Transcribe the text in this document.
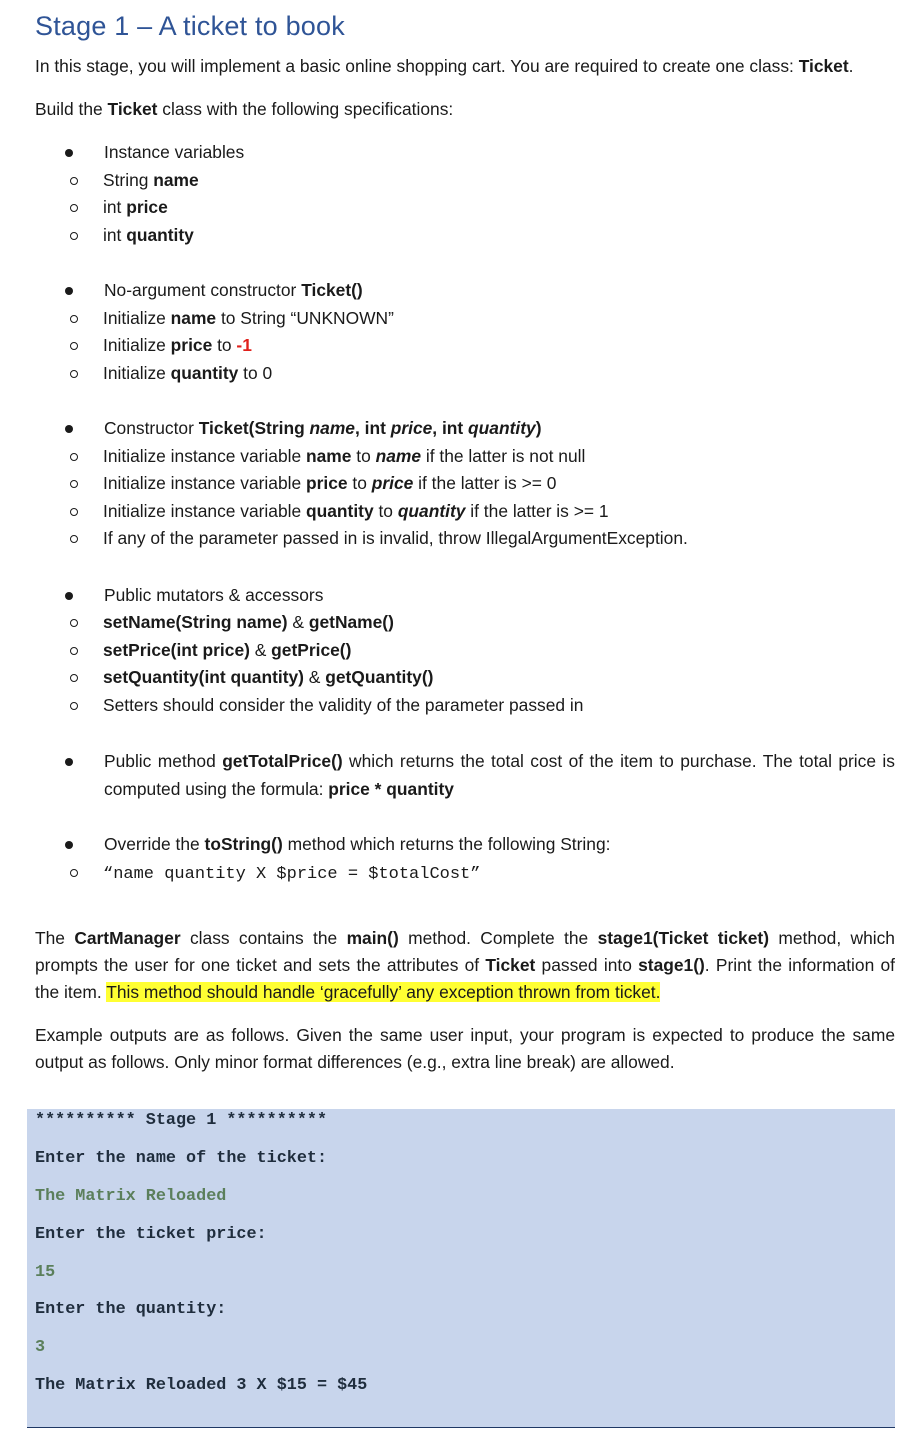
Stage 1 – A ticket to book

In this stage, you will implement a basic online shopping cart. You are required to create one class: Ticket.

Build the Ticket class with the following specifications:

Instance variables
String name
int price
int quantity
No-argument constructor Ticket()
Initialize name to String “UNKNOWN”
Initialize price to -1
Initialize quantity to 0
Constructor Ticket(String name, int price, int quantity)
Initialize instance variable name to name if the latter is not null
Initialize instance variable price to price if the latter is >= 0
Initialize instance variable quantity to quantity if the latter is >= 1
If any of the parameter passed in is invalid, throw IllegalArgumentException.
Public mutators & accessors
setName(String name) & getName()
setPrice(int price) & getPrice()
setQuantity(int quantity) & getQuantity()
Setters should consider the validity of the parameter passed in
Public method getTotalPrice() which returns the total cost of the item to purchase. The total price is computed using the formula: price * quantity
Override the toString() method which returns the following String:
“name quantity X $price = $totalCost”

The CartManager class contains the main() method. Complete the stage1(Ticket ticket) method, which prompts the user for one ticket and sets the attributes of Ticket passed into stage1(). Print the information of the item. This method should handle ‘gracefully’ any exception thrown from ticket.

Example outputs are as follows. Given the same user input, your program is expected to produce the same output as follows. Only minor format differences (e.g., extra line break) are allowed.

********** Stage 1 **********
Enter the name of the ticket:
The Matrix Reloaded
Enter the ticket price:
15
Enter the quantity:
3
The Matrix Reloaded 3 X $15 = $45
